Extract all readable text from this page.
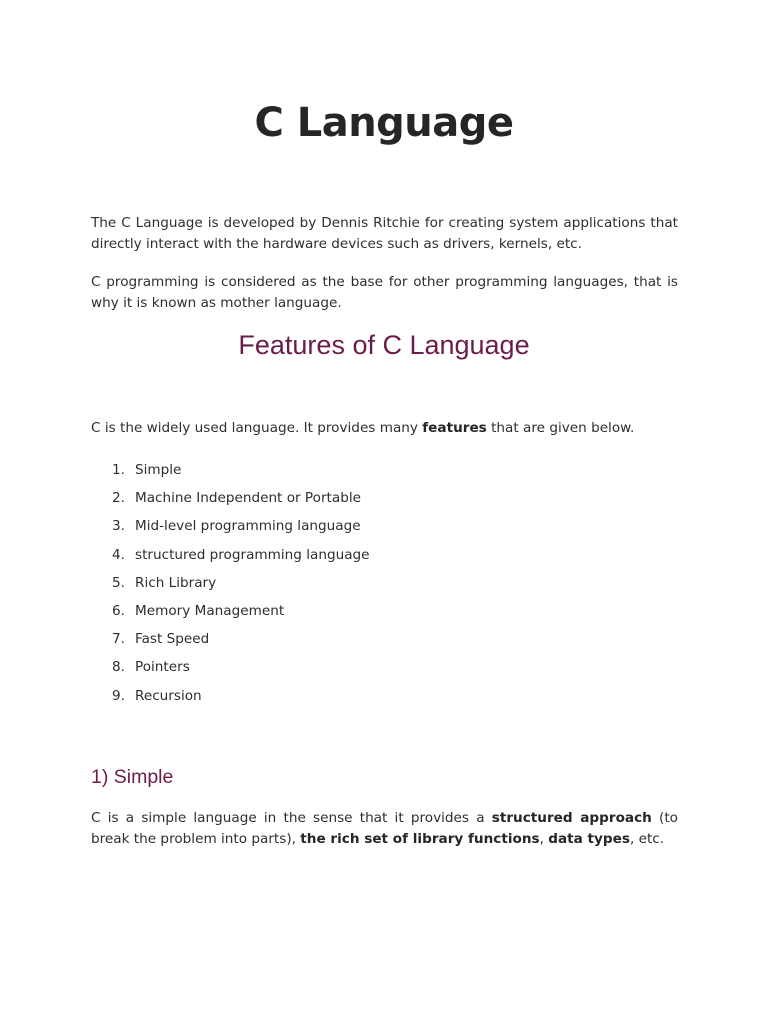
C Language

The C Language is developed by Dennis Ritchie for creating system applications that directly interact with the hardware devices such as drivers, kernels, etc.

C programming is considered as the base for other programming languages, that is why it is known as mother language.

Features of C Language

C is the widely used language. It provides many features that are given below.

1. Simple
2. Machine Independent or Portable
3. Mid-level programming language
4. structured programming language
5. Rich Library
6. Memory Management
7. Fast Speed
8. Pointers
9. Recursion
1) Simple

C is a simple language in the sense that it provides a structured approach (to break the problem into parts), the rich set of library functions, data types, etc.
